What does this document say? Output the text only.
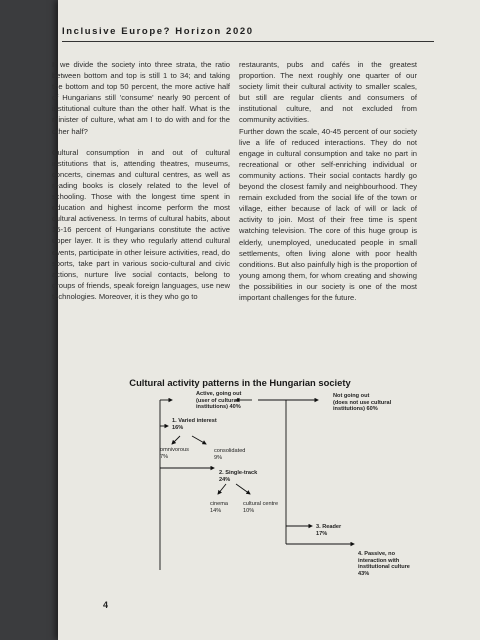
Inclusive Europe? Horizon 2020

If we divide the society into three strata, the ratio between bottom and top is still 1 to 34; and taking the bottom and top 50 percent, the more active half of Hungarians still 'consume' nearly 90 percent of institutional culture than the other half. What is the minister of culture, what am I to do with and for the other half?

Cultural consumption in and out of cultural institutions that is, attending theatres, museums, concerts, cinemas and cultural centres, as well as reading books is closely related to the level of schooling. Those with the longest time spent in education and highest income perform the most cultural activeness. In terms of cultural habits, about 15-16 percent of Hungarians constitute the active upper layer. It is they who regularly attend cultural events, participate in other leisure activities, read, do sports, take part in various socio-cultural and civic actions, nurture live social contacts, belong to groups of friends, speak foreign languages, use new technologies. Moreover, it is they who go to

restaurants, pubs and cafés in the greatest proportion. The next roughly one quarter of our society limit their cultural activity to smaller scales, but still are regular clients and consumers of institutional culture, and not excluded from community activities.

Further down the scale, 40-45 percent of our society live a life of reduced interactions. They do not engage in cultural consumption and take no part in recreational or other self-enriching individual or community actions. Their social contacts hardly go beyond the closest family and neighbourhood. They remain excluded from the social life of the town or village, either because of lack of will or lack of activity to join. Most of their free time is spent watching television. The core of this huge group is elderly, unemployed, uneducated people in small settlements, often living alone with poor health conditions. But also painfully high is the proportion of young among them, for whom creating and showing the possibilities in our society is one of the most important challenges for the future.

Cultural activity patterns in the Hungarian society
Active, going out
(user of cultural
institutions) 40%
Not going out
(does not use cultural
institutions) 60%
1. Varied interest
16%
omnivorous
7%
consolidated
9%
2. Single-track
24%
cinema
14%
cultural centre
10%
3. Reader
17%
4. Passive, no
interaction with
institutional culture
43%
4
